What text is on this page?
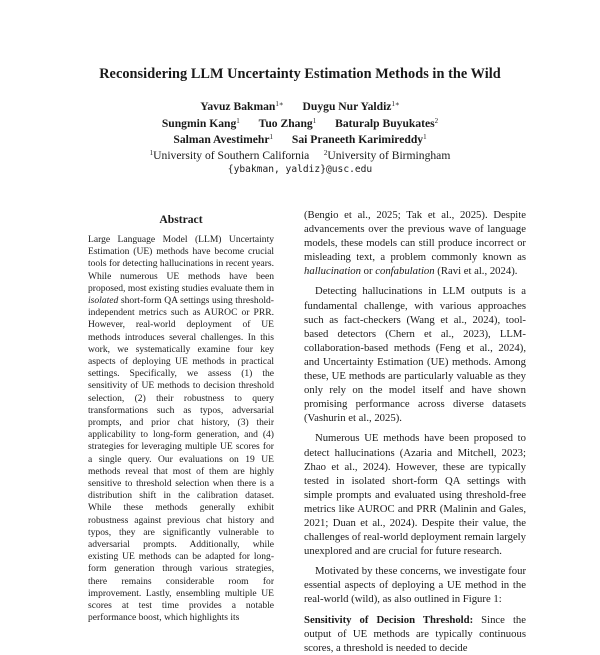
Reconsidering LLM Uncertainty Estimation Methods in the Wild
Yavuz Bakman$^{1∗}$ Duygu Nur Yaldiz$^{1∗}$
Sungmin Kang$^1$ Tuo Zhang$^1$ Baturalp Buyukates$^2$
Salman Avestimehr$^1$ Sai Praneeth Karimireddy$^1$
$^1$University of Southern California $^2$University of Birmingham
{ybakman, yaldiz}@usc.edu
Abstract
Large Language Model (LLM) Uncertainty Estimation (UE) methods have become crucial tools for detecting hallucinations in recent years. While numerous UE methods have been proposed, most existing studies evaluate them in isolated short-form QA settings using threshold-independent metrics such as AUROC or PRR. However, real-world deployment of UE methods introduces several challenges. In this work, we systematically examine four key aspects of deploying UE methods in practical settings. Specifically, we assess (1) the sensitivity of UE methods to decision threshold selection, (2) their robustness to query transformations such as typos, adversarial prompts, and prior chat history, (3) their applicability to long-form generation, and (4) strategies for leveraging multiple UE scores for a single query. Our evaluations on 19 UE methods reveal that most of them are highly sensitive to threshold selection when there is a distribution shift in the calibration dataset. While these methods generally exhibit robustness against previous chat history and typos, they are significantly vulnerable to adversarial prompts. Additionally, while existing UE methods can be adapted for long-form generation through various strategies, there remains considerable room for improvement. Lastly, ensembling multiple UE scores at test time provides a notable performance boost, which highlights its

(Bengio et al., 2025; Tak et al., 2025). Despite advancements over the previous wave of language models, these models can still produce incorrect or misleading text, a problem commonly known as hallucination or confabulation (Ravi et al., 2024).

Detecting hallucinations in LLM outputs is a fundamental challenge, with various approaches such as fact-checkers (Wang et al., 2024), tool-based detectors (Chern et al., 2023), LLM-collaboration-based methods (Feng et al., 2024), and Uncertainty Estimation (UE) methods. Among these, UE methods are particularly valuable as they only rely on the model itself and have shown promising performance across diverse datasets (Vashurin et al., 2025).

Numerous UE methods have been proposed to detect hallucinations (Azaria and Mitchell, 2023; Zhao et al., 2024). However, these are typically tested in isolated short-form QA settings with simple prompts and evaluated using threshold-free metrics like AUROC and PRR (Malinin and Gales, 2021; Duan et al., 2024). Despite their value, the challenges of real-world deployment remain largely unexplored and are crucial for future research.

Motivated by these concerns, we investigate four essential aspects of deploying a UE method in the real-world (wild), as also outlined in Figure 1:

Sensitivity of Decision Threshold: Since the output of UE methods are typically continuous scores, a threshold is needed to decide
